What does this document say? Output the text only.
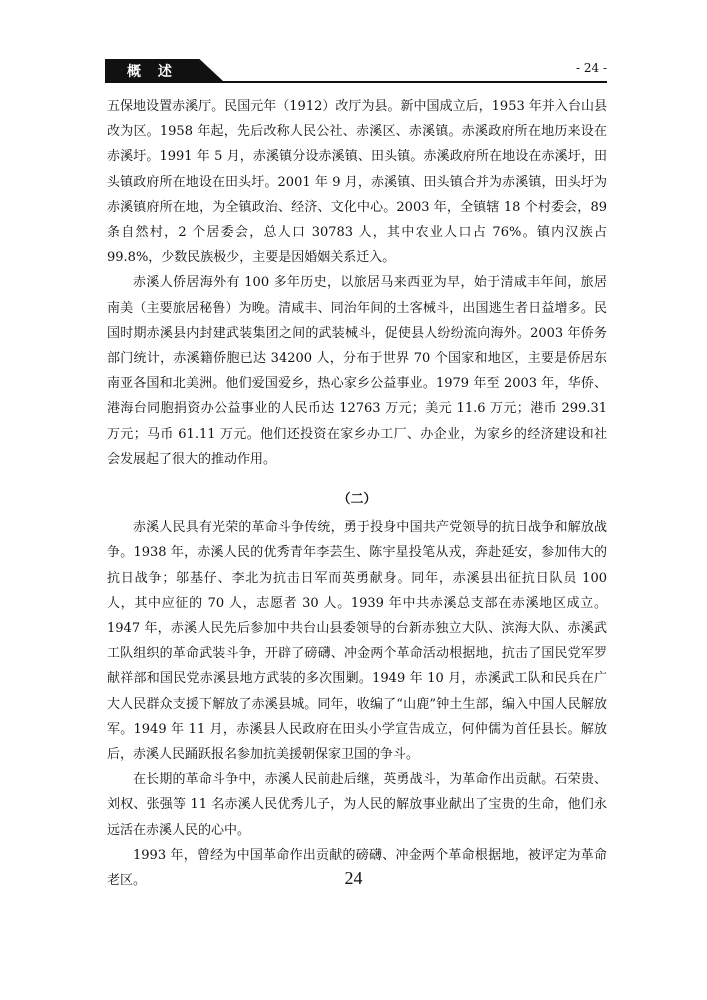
概 述	- 24 -

五保地设置赤溪厅。民国元年（1912）改厅为县。新中国成立后，1953 年并入台山县改为区。1958 年起，先后改称人民公社、赤溪区、赤溪镇。赤溪政府所在地历来设在赤溪圩。1991 年 5 月，赤溪镇分设赤溪镇、田头镇。赤溪政府所在地设在赤溪圩，田头镇政府所在地设在田头圩。2001 年 9 月，赤溪镇、田头镇合并为赤溪镇，田头圩为赤溪镇府所在地，为全镇政治、经济、文化中心。2003 年，全镇辖 18 个村委会，89 条自然村，2 个居委会，总人口 30783 人，其中农业人口占 76%。镇内汉族占 99.8%，少数民族极少，主要是因婚姻关系迁入。

赤溪人侨居海外有 100 多年历史，以旅居马来西亚为早，始于清咸丰年间，旅居南美（主要旅居秘鲁）为晚。清咸丰、同治年间的土客械斗，出国逃生者日益增多。民国时期赤溪县内封建武装集团之间的武装械斗，促使县人纷纷流向海外。2003 年侨务部门统计，赤溪籍侨胞已达 34200 人，分布于世界 70 个国家和地区，主要是侨居东南亚各国和北美洲。他们爱国爱乡，热心家乡公益事业。1979 年至 2003 年，华侨、港海台同胞捐资办公益事业的人民币达 12763 万元；美元 11.6 万元；港币 299.31 万元；马币 61.11 万元。他们还投资在家乡办工厂、办企业，为家乡的经济建设和社会发展起了很大的推动作用。

（二）

赤溪人民具有光荣的革命斗争传统，勇于投身中国共产党领导的抗日战争和解放战争。1938 年，赤溪人民的优秀青年李芸生、陈宇星投笔从戎，奔赴延安，参加伟大的抗日战争；邬基仔、李北为抗击日军而英勇献身。同年，赤溪县出征抗日队员 100 人，其中应征的 70 人，志愿者 30 人。1939 年中共赤溪总支部在赤溪地区成立。1947 年，赤溪人民先后参加中共台山县委领导的台新赤独立大队、滨海大队、赤溪武工队组织的革命武装斗争，开辟了磅礴、冲金两个革命活动根据地，抗击了国民党军罗献祥部和国民党赤溪县地方武装的多次围剿。1949 年 10 月，赤溪武工队和民兵在广大人民群众支援下解放了赤溪县城。同年，收编了“山鹿”钟土生部，编入中国人民解放军。1949 年 11 月，赤溪县人民政府在田头小学宣告成立，何仲儒为首任县长。解放后，赤溪人民踊跃报名参加抗美援朝保家卫国的争斗。

在长期的革命斗争中，赤溪人民前赴后继，英勇战斗，为革命作出贡献。石荣贵、刘权、张强等 11 名赤溪人民优秀儿子，为人民的解放事业献出了宝贵的生命，他们永远活在赤溪人民的心中。

1993 年，曾经为中国革命作出贡献的磅礴、冲金两个革命根据地，被评定为革命老区。	24
